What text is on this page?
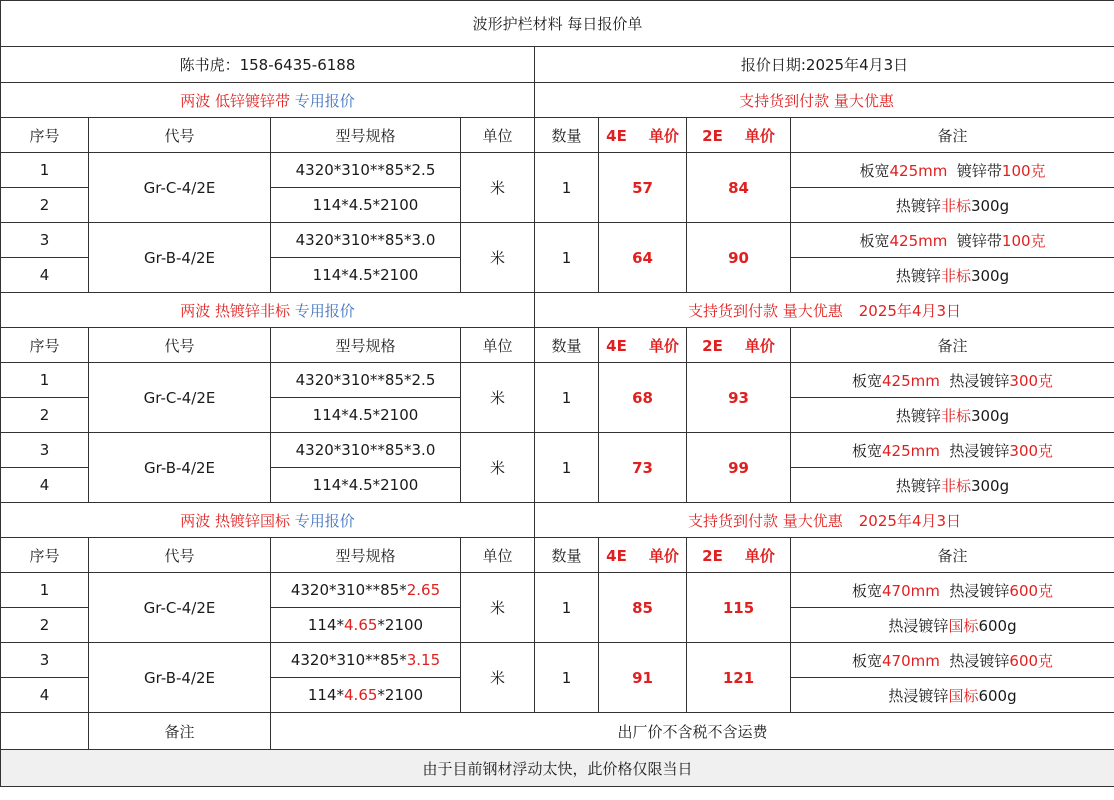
波形护栏材料 每日报价单							
陈书虎：158-6435-6188				报价日期:2025年4月3日			
两波 低锌镀锌带 专用报价				支持货到付款 量大优惠			
序号	代号	型号规格	单位	数量	4E 单价	2E 单价	备注
1	Gr-C-4/2E	4320*310**85*2.5	米	1	57	84	板宽425mm  镀锌带100克
2		114*4.5*2100					热镀锌非标300g
3	Gr-B-4/2E	4320*310**85*3.0	米	1	64	90	板宽425mm  镀锌带100克
4		114*4.5*2100					热镀锌非标300g
两波 热镀锌非标 专用报价				支持货到付款 量大优惠 2025年4月3日			
序号	代号	型号规格	单位	数量	4E 单价	2E 单价	备注
1	Gr-C-4/2E	4320*310**85*2.5	米	1	68	93	板宽425mm  热浸镀锌300克
2		114*4.5*2100					热镀锌非标300g
3	Gr-B-4/2E	4320*310**85*3.0	米	1	73	99	板宽425mm  热浸镀锌300克
4		114*4.5*2100					热镀锌非标300g
两波 热镀锌国标 专用报价				支持货到付款 量大优惠 2025年4月3日			
序号	代号	型号规格	单位	数量	4E 单价	2E 单价	备注
1	Gr-C-4/2E	4320*310**85*2.65	米	1	85	115	板宽470mm  热浸镀锌600克
2		114*4.65*2100					热浸镀锌国标600g
3	Gr-B-4/2E	4320*310**85*3.15	米	1	91	121	板宽470mm  热浸镀锌600克
4		114*4.65*2100					热浸镀锌国标600g
	备注	出厂价不含税不含运费					
由于目前钢材浮动太快，此价格仅限当日							
